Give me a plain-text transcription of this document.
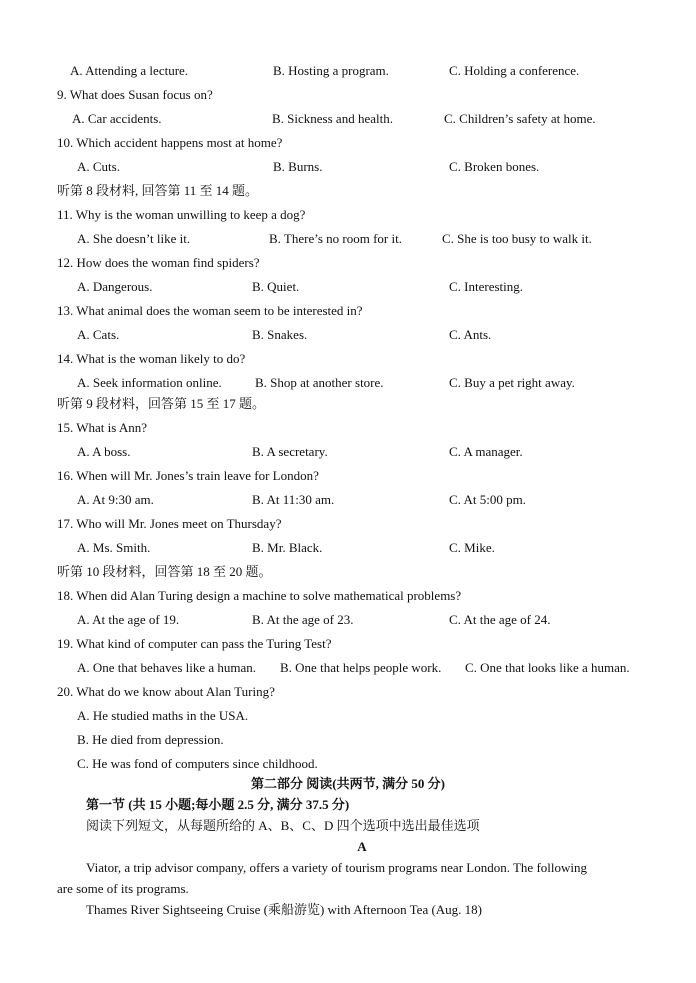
A. Attending a lecture.	B. Hosting a program.	C. Holding a conference.
9. What does Susan focus on?
A. Car accidents.	B. Sickness and health.	C. Children’s safety at home.
10. Which accident happens most at home?
A. Cuts.	B. Burns.	C. Broken bones.
听第 8 段材料, 回答第 11 至 14 题。
11. Why is the woman unwilling to keep a dog?
A. She doesn’t like it.	B. There’s no room for it.	C. She is too busy to walk it.
12. How does the woman find spiders?
A. Dangerous.	B. Quiet.	C. Interesting.
13. What animal does the woman seem to be interested in?
A. Cats.	B. Snakes.	C. Ants.
14. What is the woman likely to do?
A. Seek information online.	B. Shop at another store.	C. Buy a pet right away.
听第 9 段材料，回答第 15 至 17 题。
15. What is Ann?
A. A boss.	B. A secretary.	C. A manager.
16. When will Mr. Jones’s train leave for London?
A. At 9:30 am.	B. At 11:30 am.	C. At 5:00 pm.
17. Who will Mr. Jones meet on Thursday?
A. Ms. Smith.	B. Mr. Black.	C. Mike.
听第 10 段材料，回答第 18 至 20 题。
18. When did Alan Turing design a machine to solve mathematical problems?
A. At the age of 19.	B. At the age of 23.	C. At the age of 24.
19. What kind of computer can pass the Turing Test?
A. One that behaves like a human. B. One that helps people work. C. One that looks like a human.
20. What do we know about Alan Turing?
A. He studied maths in the USA.
B. He died from depression.
C. He was fond of computers since childhood.
第二部分 阅读(共两节, 满分 50 分)
第一节 (共 15 小题;每小题 2.5 分, 满分 37.5 分)
阅读下列短文，从每题所给的 A、B、C、D 四个选项中选出最佳选项
A
Viator, a trip advisor company, offers a variety of tourism programs near London. The following
are some of its programs.
Thames River Sightseeing Cruise (乘船游览) with Afternoon Tea (Aug. 18)
